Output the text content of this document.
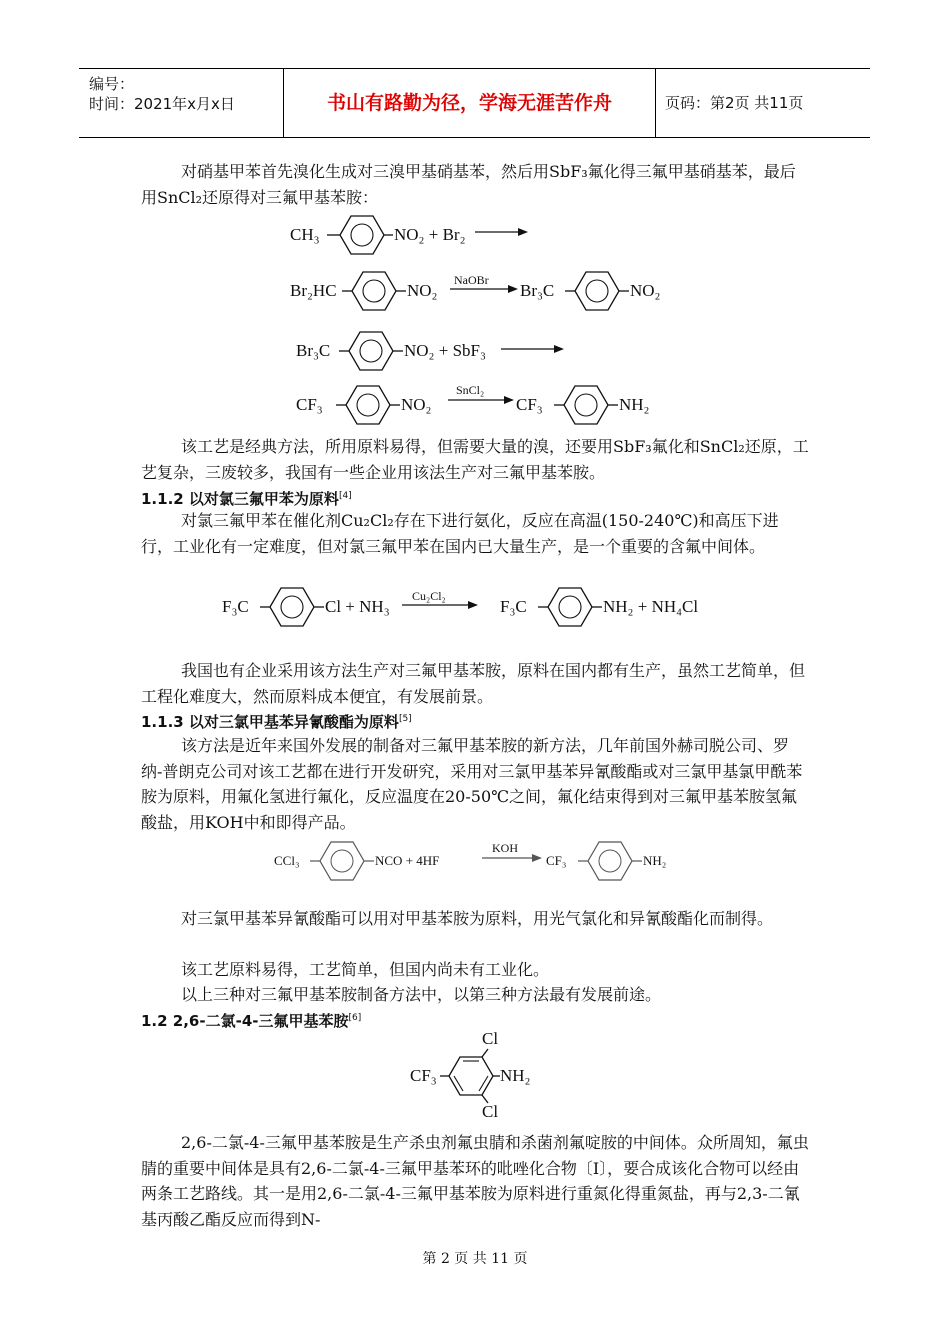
编号：
时间：2021年x月x日	书山有路勤为径，学海无涯苦作舟	页码：第2页 共11页

对硝基甲苯首先溴化生成对三溴甲基硝基苯，然后用SbF₃氟化得三氟甲基硝基苯，最后用SnCl₂还原得对三氟甲基苯胺：

CH₃	NO₂ + Br₂
Br₂HC	NO₂
NaOBr
Br₃C	NO₂
Br₃C	NO₂ + SbF₃
CF₃	NO₂
SnCl₂
CF₃	NH₂

该工艺是经典方法，所用原料易得，但需要大量的溴，还要用SbF₃氟化和SnCl₂还原，工艺复杂，三废较多，我国有一些企业用该法生产对三氟甲基苯胺。

1.1.2 以对氯三氟甲苯为原料[4]

对氯三氟甲苯在催化剂Cu₂Cl₂存在下进行氨化，反应在高温(150-240℃)和高压下进行，工业化有一定难度，但对氯三氟甲苯在国内已大量生产，是一个重要的含氟中间体。

F₃C	Cl + NH₃
Cu₂Cl₂
F₃C	NH₂ + NH₄Cl

我国也有企业采用该方法生产对三氟甲基苯胺，原料在国内都有生产，虽然工艺简单，但工程化难度大，然而原料成本便宜，有发展前景。

1.1.3 以对三氯甲基苯异氰酸酯为原料[5]

该方法是近年来国外发展的制备对三氟甲基苯胺的新方法，几年前国外赫司脱公司、罗纳-普朗克公司对该工艺都在进行开发研究，采用对三氯甲基苯异氰酸酯或对三氯甲基氯甲酰苯胺为原料，用氟化氢进行氟化，反应温度在20-50℃之间，氟化结束得到对三氟甲基苯胺氢氟酸盐，用KOH中和即得产品。

CCl₃	NCO + 4HF
KOH
CF₃	NH₂

对三氯甲基苯异氰酸酯可以用对甲基苯胺为原料，用光气氯化和异氰酸酯化而制得。

该工艺原料易得，工艺简单，但国内尚未有工业化。

以上三种对三氟甲基苯胺制备方法中，以第三种方法最有发展前途。

1.2 2,6-二氯-4-三氟甲基苯胺[6]
Cl
CF₃	NH₂
Cl

2,6-二氯-4-三氟甲基苯胺是生产杀虫剂氟虫腈和杀菌剂氟啶胺的中间体。众所周知，氟虫腈的重要中间体是具有2,6-二氯-4-三氟甲基苯环的吡唑化合物〔I〕，要合成该化合物可以经由两条工艺路线。其一是用2,6-二氯-4-三氟甲基苯胺为原料进行重氮化得重氮盐，再与2,3-二氰基丙酸乙酯反应而得到N-

第 2 页 共 11 页
